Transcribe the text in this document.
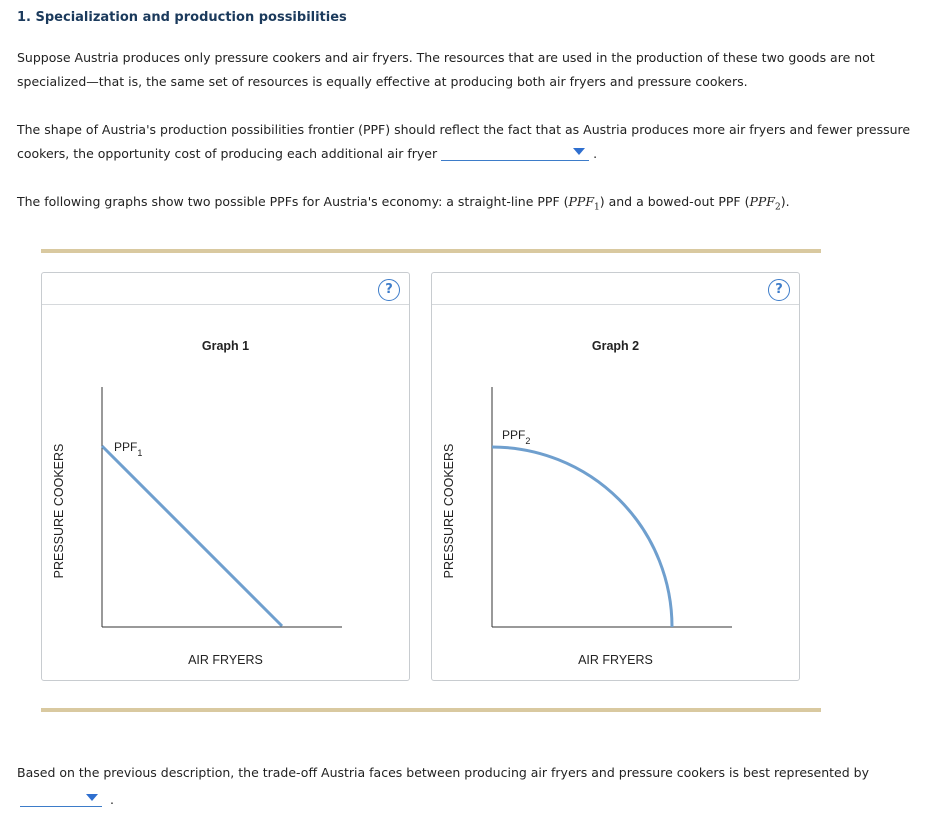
1. Specialization and production possibilities
Suppose Austria produces only pressure cookers and air fryers. The resources that are used in the production of these two goods are not specialized—that is, the same set of resources is equally effective at producing both air fryers and pressure cookers.
The shape of Austria's production possibilities frontier (PPF) should reflect the fact that as Austria produces more air fryers and fewer pressure cookers, the opportunity cost of producing each additional air fryer	.
The following graphs show two possible PPFs for Austria's economy: a straight-line PPF $(PPF_1)$ and a bowed-out PPF $(PPF_2)$.
?
Graph 1
$PPF_1$
PRESSURE COOKERS
AIR FRYERS
?
Graph 2
$PPF_2$
PRESSURE COOKERS
AIR FRYERS
Based on the previous description, the trade-off Austria faces between producing air fryers and pressure cookers is best represented by
.
